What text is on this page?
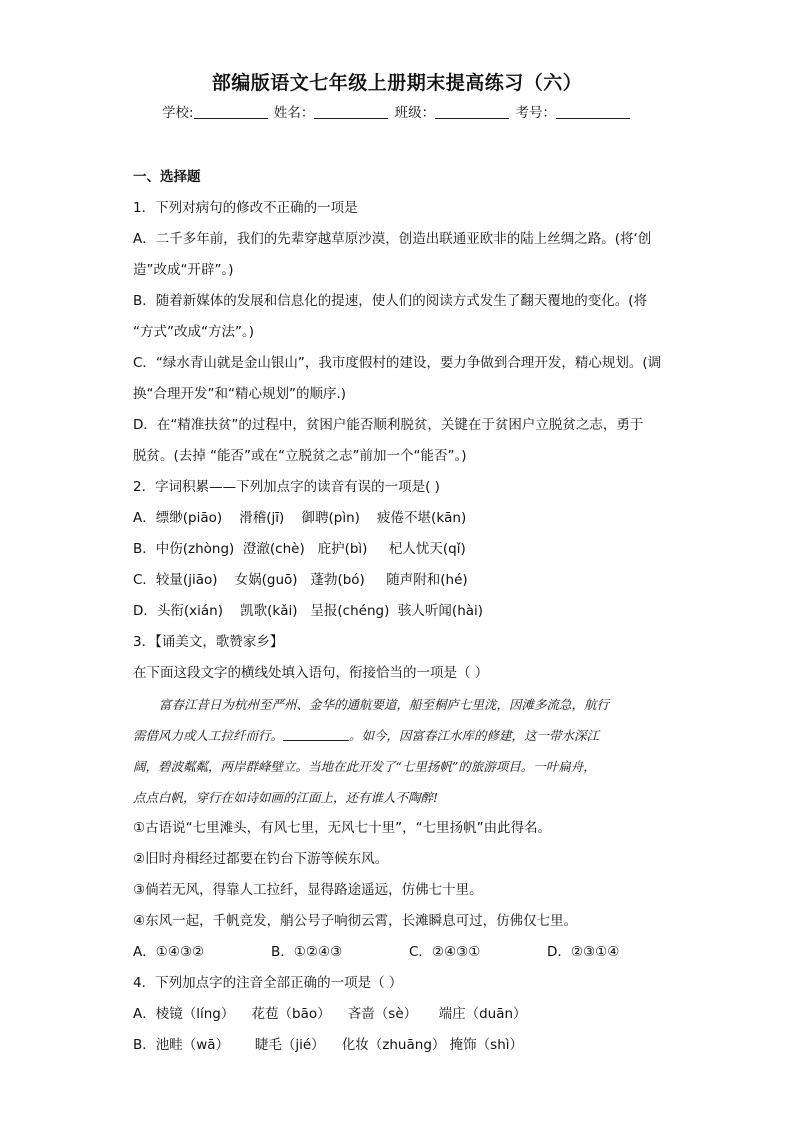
部编版语文七年级上册期末提高练习（六）
学校:	姓名：	班级：	考号：
一、选择题
1．下列对病句的修改不正确的一项是
A．二千多年前，我们的先辈穿越草原沙漠，创造出联通亚欧非的陆上丝绸之路。(将‘创
造”改成“开辟”。)
B．随着新媒体的发展和信息化的提速，使人们的阅读方式发生了翻天覆地的变化。(将
“方式”改成“方法”。)
C．“绿水青山就是金山银山”，我市度假村的建设，要力争做到合理开发，精心规划。(调
换“合理开发”和“精心规划”的顺序.)
D．在“精准扶贫”的过程中，贫困户能否顺利脱贫，关键在于贫困户立脱贫之志，勇于
脱贫。(去掉 “能否”或在“立脱贫之志”前加一个“能否”。)
2．字词积累——下列加点字的读音有误的一项是( )
A．缥缈(piāo)    滑稽(jī)    御聘(pìn)    疲倦不堪(kān)
B．中伤(zhòng)  澄澈(chè)   庇护(bì)     杞人忧天(qǐ)
C．较量(jiāo)    女娲(guō)   蓬勃(bó)     随声附和(hé)
D．头衔(xián)    凯歌(kǎi)   呈报(chéng)  骇人听闻(hài)
3．【诵美文，歌赞家乡】
在下面这段文字的横线处填入语句，衔接恰当的一项是（ ）
富春江昔日为杭州至严州、金华的通航要道，船至桐庐七里泷，因滩多流急，航行
需借风力或人工拉纤而行。	。如今，因富春江水库的修建，这一带水深江
阔，碧波粼粼，两岸群峰壁立。当地在此开发了“七里扬帆”的旅游项目。一叶扁舟，
点点白帆，穿行在如诗如画的江面上，还有谁人不陶醉!
①古语说“七里滩头，有风七里，无风七十里”，“七里扬帆”由此得名。
②旧时舟楫经过都要在钓台下游等候东风。
③倘若无风，得靠人工拉纤，显得路途遥远，仿佛七十里。
④东风一起，千帆竞发，艄公号子响彻云霄，长滩瞬息可过，仿佛仅七里。
A．①④③②	B．①②④③	C．②④③①	D．②③①④
4．下列加点字的注音全部正确的一项是（ ）
A．棱镜（líng）    花苞（bāo）    吝啬（sè）     端庄（duān）
B．池畦（wā）      睫毛（jié）    化妆（zhuāng） 掩饰（shì）
